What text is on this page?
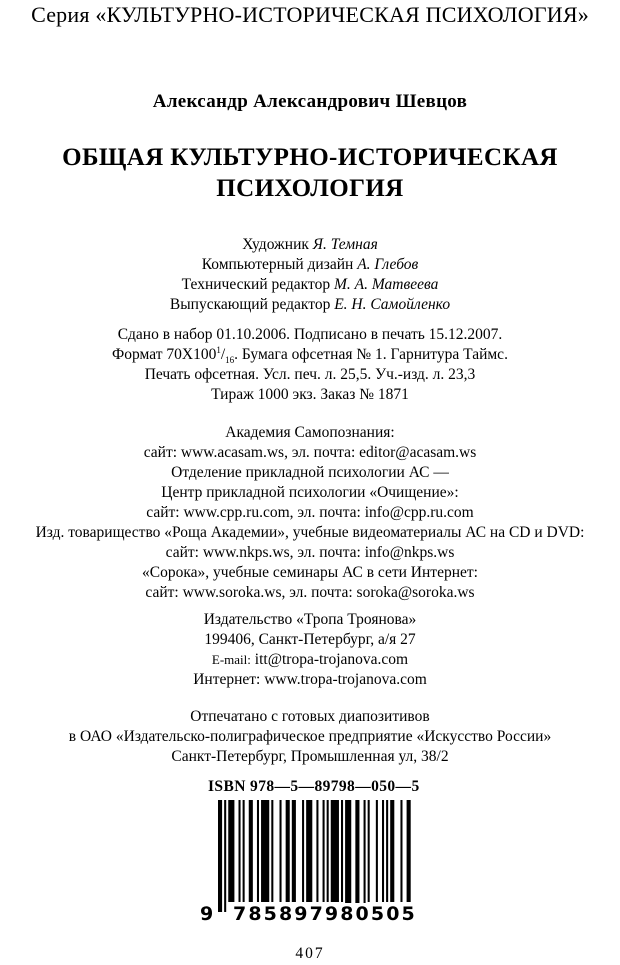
Серия «КУЛЬТУРНО-ИСТОРИЧЕСКАЯ ПСИХОЛОГИЯ»
Александр Александрович Шевцов
ОБЩАЯ КУЛЬТУРНО-ИСТОРИЧЕСКАЯ
ПСИХОЛОГИЯ
Художник Я. Темная
Компьютерный дизайн А. Глебов
Технический редактор М. А. Матвеева
Выпускающий редактор Е. Н. Самойленко
Сдано в набор 01.10.2006. Подписано в печать 15.12.2007.
Формат $70Х100^1/_{16}$. Бумага офсетная № 1. Гарнитура Таймс.
Печать офсетная. Усл. печ. л. 25,5. Уч.-изд. л. 23,3
Тираж 1000 экз. Заказ № 1871
Академия Самопознания:
сайт: www.acasam.ws, эл. почта: editor@acasam.ws
Отделение прикладной психологии АС —
Центр прикладной психологии «Очищение»:
сайт: www.cpp.ru.com, эл. почта: info@cpp.ru.com
Изд. товарищество «Роща Академии», учебные видеоматериалы АС на CD и DVD:
сайт: www.nkps.ws, эл. почта: info@nkps.ws
«Сорока», учебные семинары АС в сети Интернет:
сайт: www.soroka.ws, эл. почта: soroka@soroka.ws
Издательство «Тропа Троянова»
199406, Санкт-Петербург, а/я 27
E-mail: itt@tropa-trojanova.com
Интернет: www.tropa-trojanova.com
Отпечатано с готовых диапозитивов
в ОАО «Издательско-полиграфическое предприятие «Искусство России»
Санкт-Петербург, Промышленная ул, 38/2
ISBN 978—5—89798—050—5
9 785897980505
407
